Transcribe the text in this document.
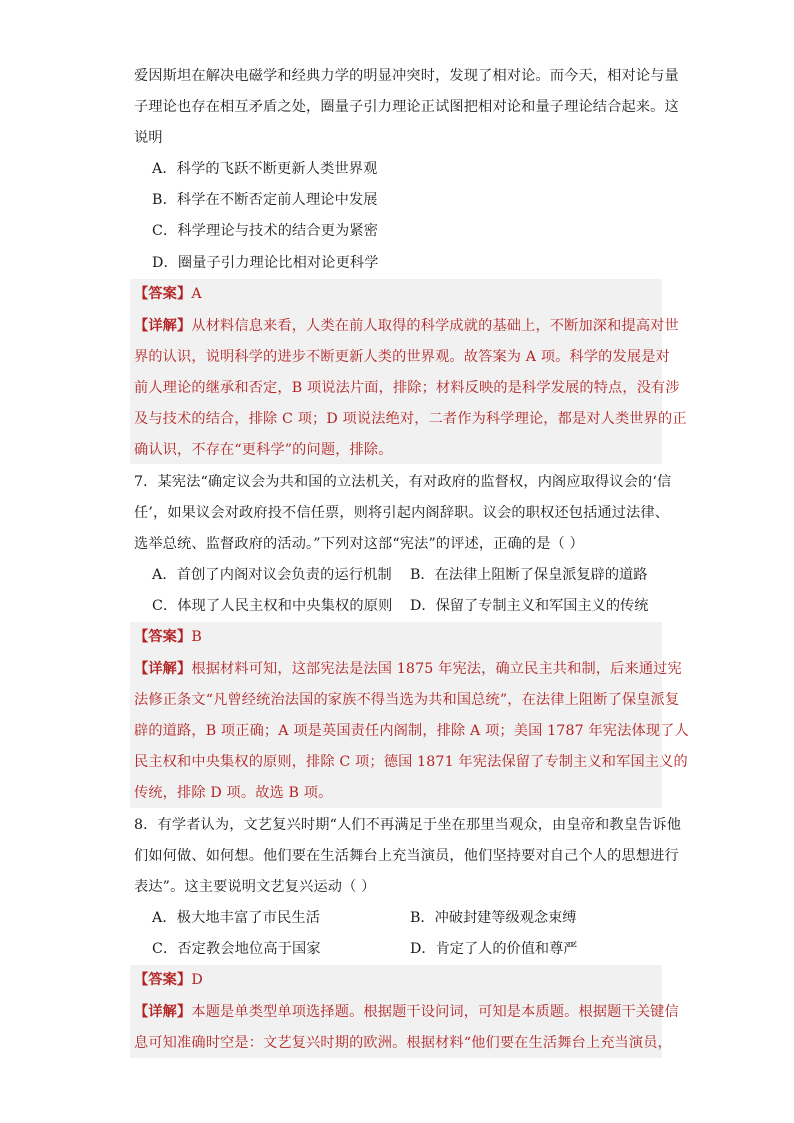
爱因斯坦在解决电磁学和经典力学的明显冲突时，发现了相对论。而今天，相对论与量
子理论也存在相互矛盾之处，圈量子引力理论正试图把相对论和量子理论结合起来。这
说明
A．科学的飞跃不断更新人类世界观
B．科学在不断否定前人理论中发展
C．科学理论与技术的结合更为紧密
D．圈量子引力理论比相对论更科学
【答案】A
【详解】从材料信息来看，人类在前人取得的科学成就的基础上，不断加深和提高对世
界的认识，说明科学的进步不断更新人类的世界观。故答案为 A 项。科学的发展是对
前人理论的继承和否定，B 项说法片面，排除；材料反映的是科学发展的特点，没有涉
及与技术的结合，排除 C 项；D 项说法绝对，二者作为科学理论，都是对人类世界的正
确认识，不存在“更科学”的问题，排除。
7．某宪法“确定议会为共和国的立法机关，有对政府的监督权，内阁应取得议会的‘信
任’，如果议会对政府投不信任票，则将引起内阁辞职。议会的职权还包括通过法律、
选举总统、监督政府的活动。”下列对这部“宪法”的评述，正确的是（ ）
A．首创了内阁对议会负责的运行机制	B．在法律上阻断了保皇派复辟的道路
C．体现了人民主权和中央集权的原则	D．保留了专制主义和军国主义的传统
【答案】B
【详解】根据材料可知，这部宪法是法国 1875 年宪法，确立民主共和制，后来通过宪
法修正条文“凡曾经统治法国的家族不得当选为共和国总统”，在法律上阻断了保皇派复
辟的道路，B 项正确；A 项是英国责任内阁制，排除 A 项；美国 1787 年宪法体现了人
民主权和中央集权的原则，排除 C 项；德国 1871 年宪法保留了专制主义和军国主义的
传统，排除 D 项。故选 B 项。
8．有学者认为，文艺复兴时期“人们不再满足于坐在那里当观众，由皇帝和教皇告诉他
们如何做、如何想。他们要在生活舞台上充当演员，他们坚持要对自己个人的思想进行
表达”。这主要说明文艺复兴运动（ ）
A．极大地丰富了市民生活	B．冲破封建等级观念束缚
C．否定教会地位高于国家	D．肯定了人的价值和尊严
【答案】D
【详解】本题是单类型单项选择题。根据题干设问词，可知是本质题。根据题干关键信
息可知准确时空是：文艺复兴时期的欧洲。根据材料“他们要在生活舞台上充当演员，
